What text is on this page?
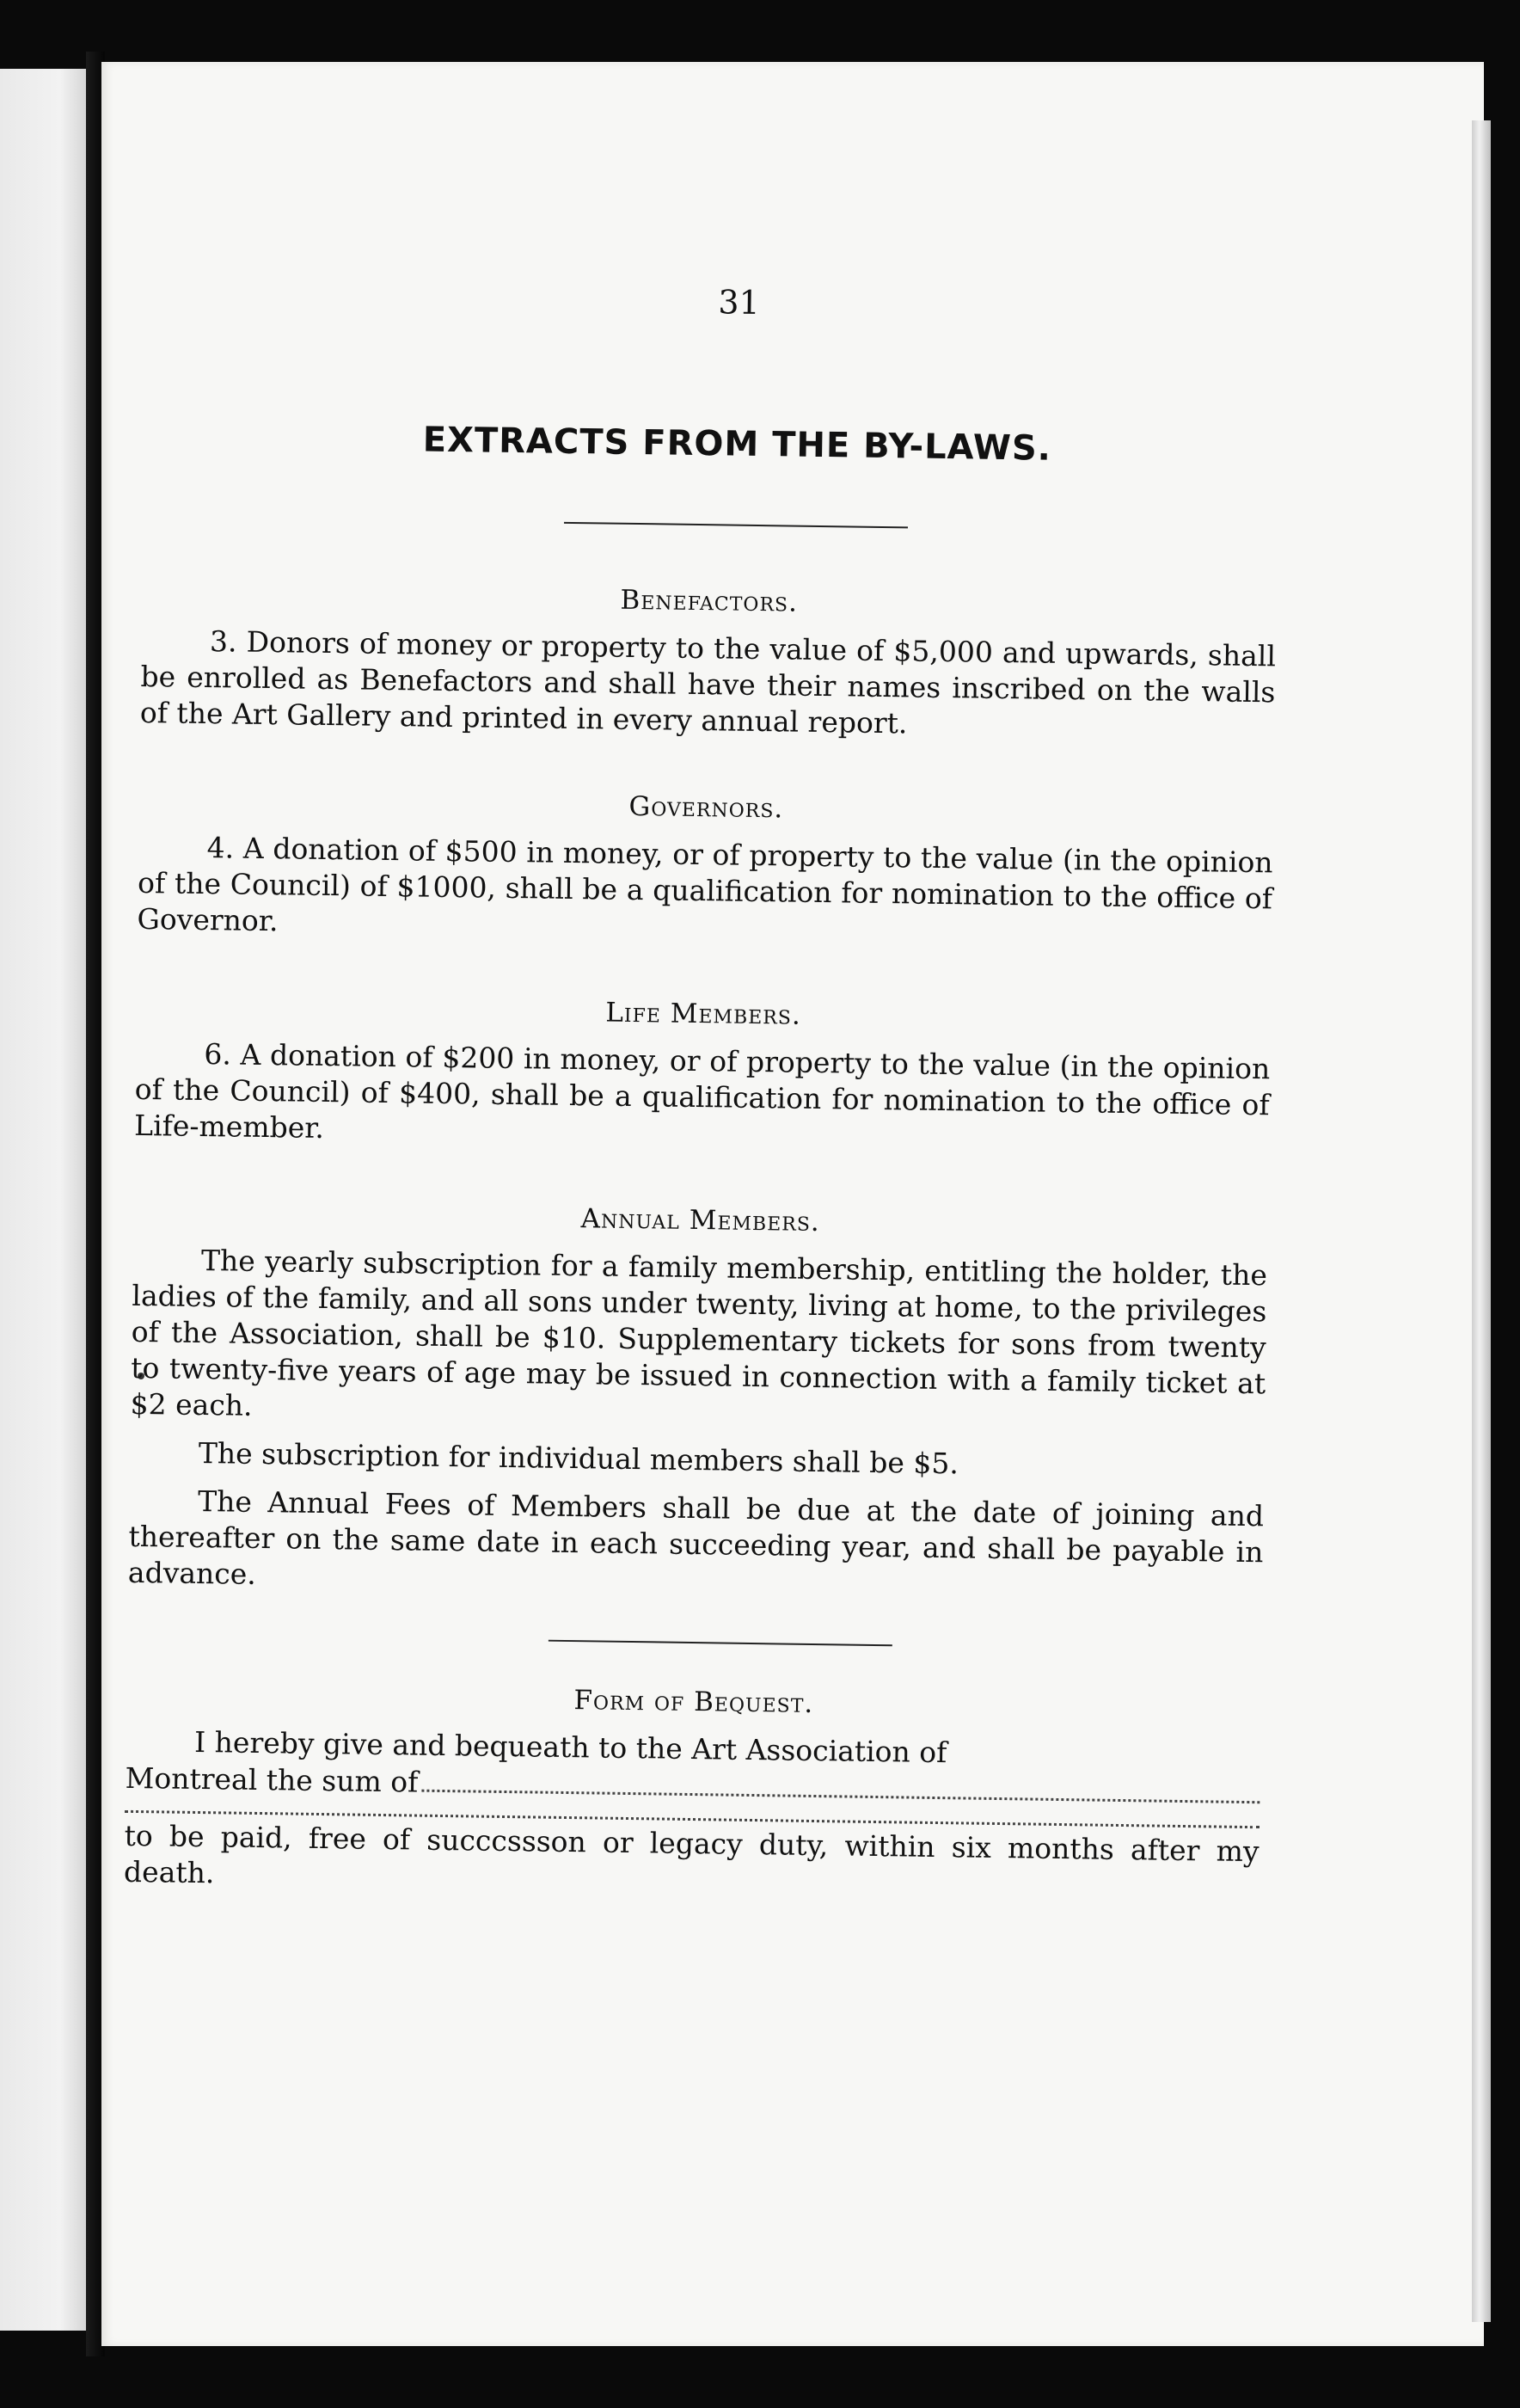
31
EXTRACTS FROM THE BY-LAWS.
Benefactors.

3. Donors of money or property to the value of $5,000 and upwards, shall be enrolled as Benefactors and shall have their names inscribed on the walls of the Art Gallery and printed in every annual report.

Governors.

4. A donation of $500 in money, or of property to the value (in the opinion of the Council) of $1000, shall be a qualification for nomination to the office of Governor.

Life Members.

6. A donation of $200 in money, or of property to the value (in the opinion of the Council) of $400, shall be a qualification for nomination to the office of Life-member.

Annual Members.

The yearly subscription for a family membership, entitling the holder, the ladies of the family, and all sons under twenty, living at home, to the privileges of the Association, shall be $10. Supplementary tickets for sons from twenty to twenty-five years of age may be issued in connection with a family ticket at $2 each.

The subscription for individual members shall be $5.

The Annual Fees of Members shall be due at the date of joining and thereafter on the same date in each succeeding year, and shall be payable in advance.

Form of Bequest.

I hereby give and bequeath to the Art Association of

Montreal the sum of

to be paid, free of succcssson or legacy duty, within six months after my death.
